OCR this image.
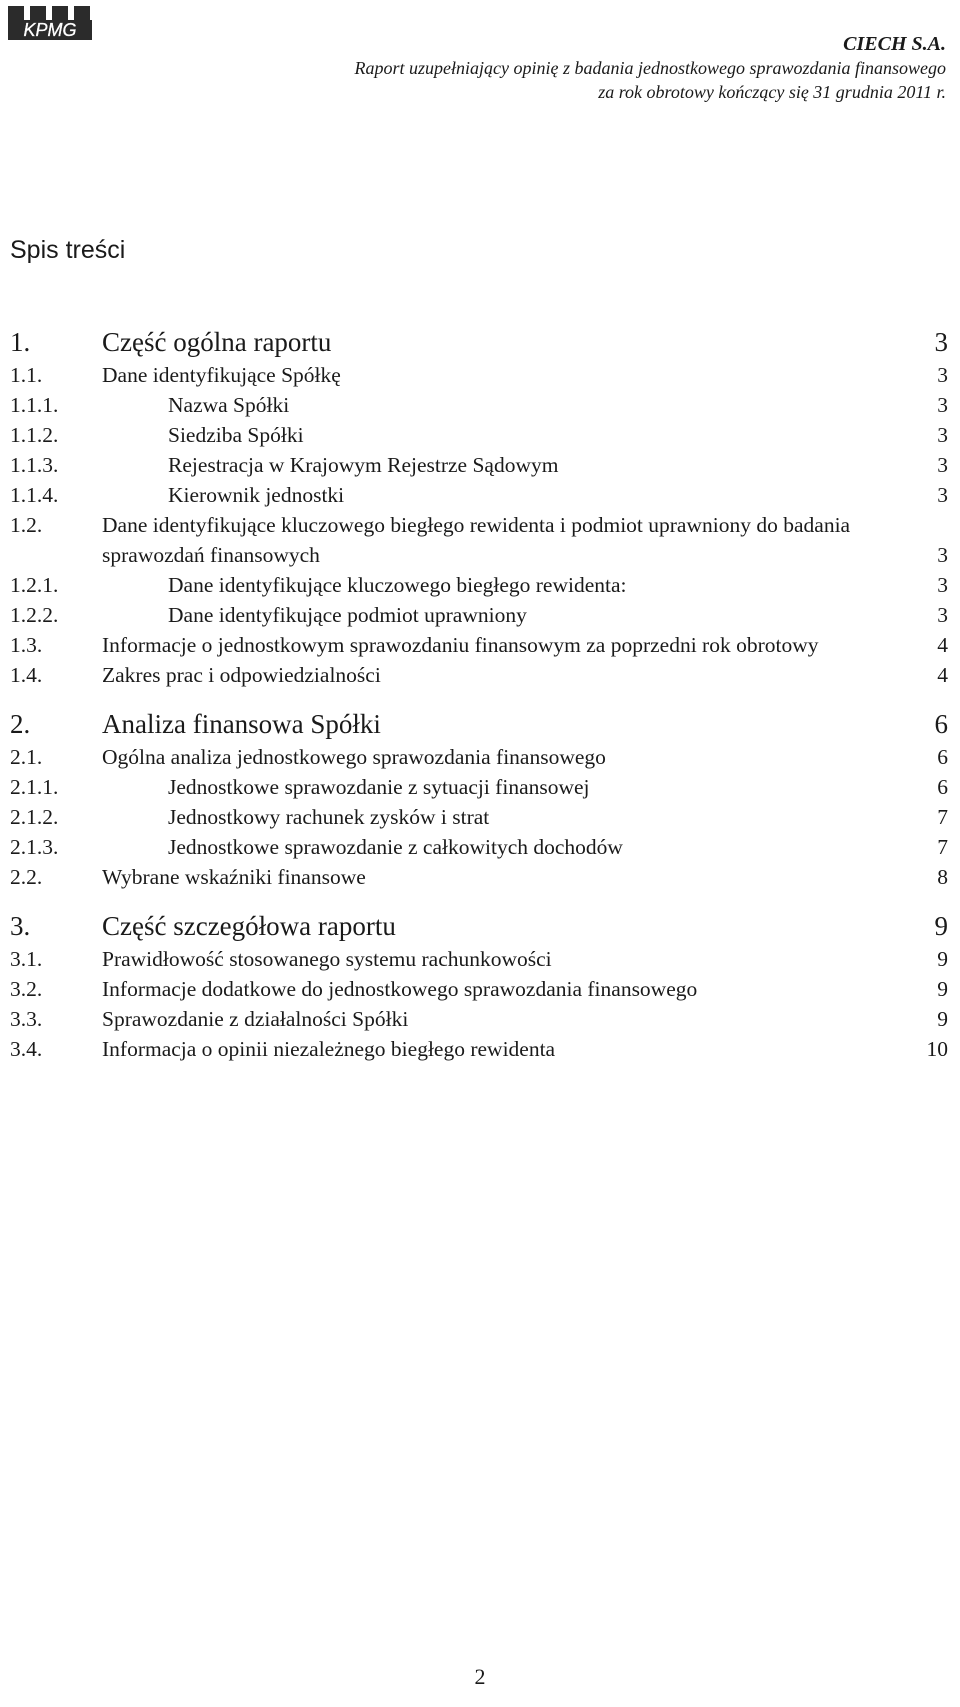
KPMG
CIECH S.A.
Raport uzupełniający opinię z badania jednostkowego sprawozdania finansowego
za rok obrotowy kończący się 31 grudnia 2011 r.
Spis treści
1.	Część ogólna raportu	3
1.1.	Dane identyfikujące Spółkę	3
1.1.1.	Nazwa Spółki	3
1.1.2.	Siedziba Spółki	3
1.1.3.	Rejestracja w Krajowym Rejestrze Sądowym	3
1.1.4.	Kierownik jednostki	3
1.2.	Dane identyfikujące kluczowego biegłego rewidenta i podmiot uprawniony do badania sprawozdań finansowych	3
1.2.1.	Dane identyfikujące kluczowego biegłego rewidenta:	3
1.2.2.	Dane identyfikujące podmiot uprawniony	3
1.3.	Informacje o jednostkowym sprawozdaniu finansowym za poprzedni rok obrotowy	4
1.4.	Zakres prac i odpowiedzialności	4
2.	Analiza finansowa Spółki	6
2.1.	Ogólna analiza jednostkowego sprawozdania finansowego	6
2.1.1.	Jednostkowe sprawozdanie z sytuacji finansowej	6
2.1.2.	Jednostkowy rachunek zysków i strat	7
2.1.3.	Jednostkowe sprawozdanie z całkowitych dochodów	7
2.2.	Wybrane wskaźniki finansowe	8
3.	Część szczegółowa raportu	9
3.1.	Prawidłowość stosowanego systemu rachunkowości	9
3.2.	Informacje dodatkowe do jednostkowego sprawozdania finansowego	9
3.3.	Sprawozdanie z działalności Spółki	9
3.4.	Informacja o opinii niezależnego biegłego rewidenta	10
2
